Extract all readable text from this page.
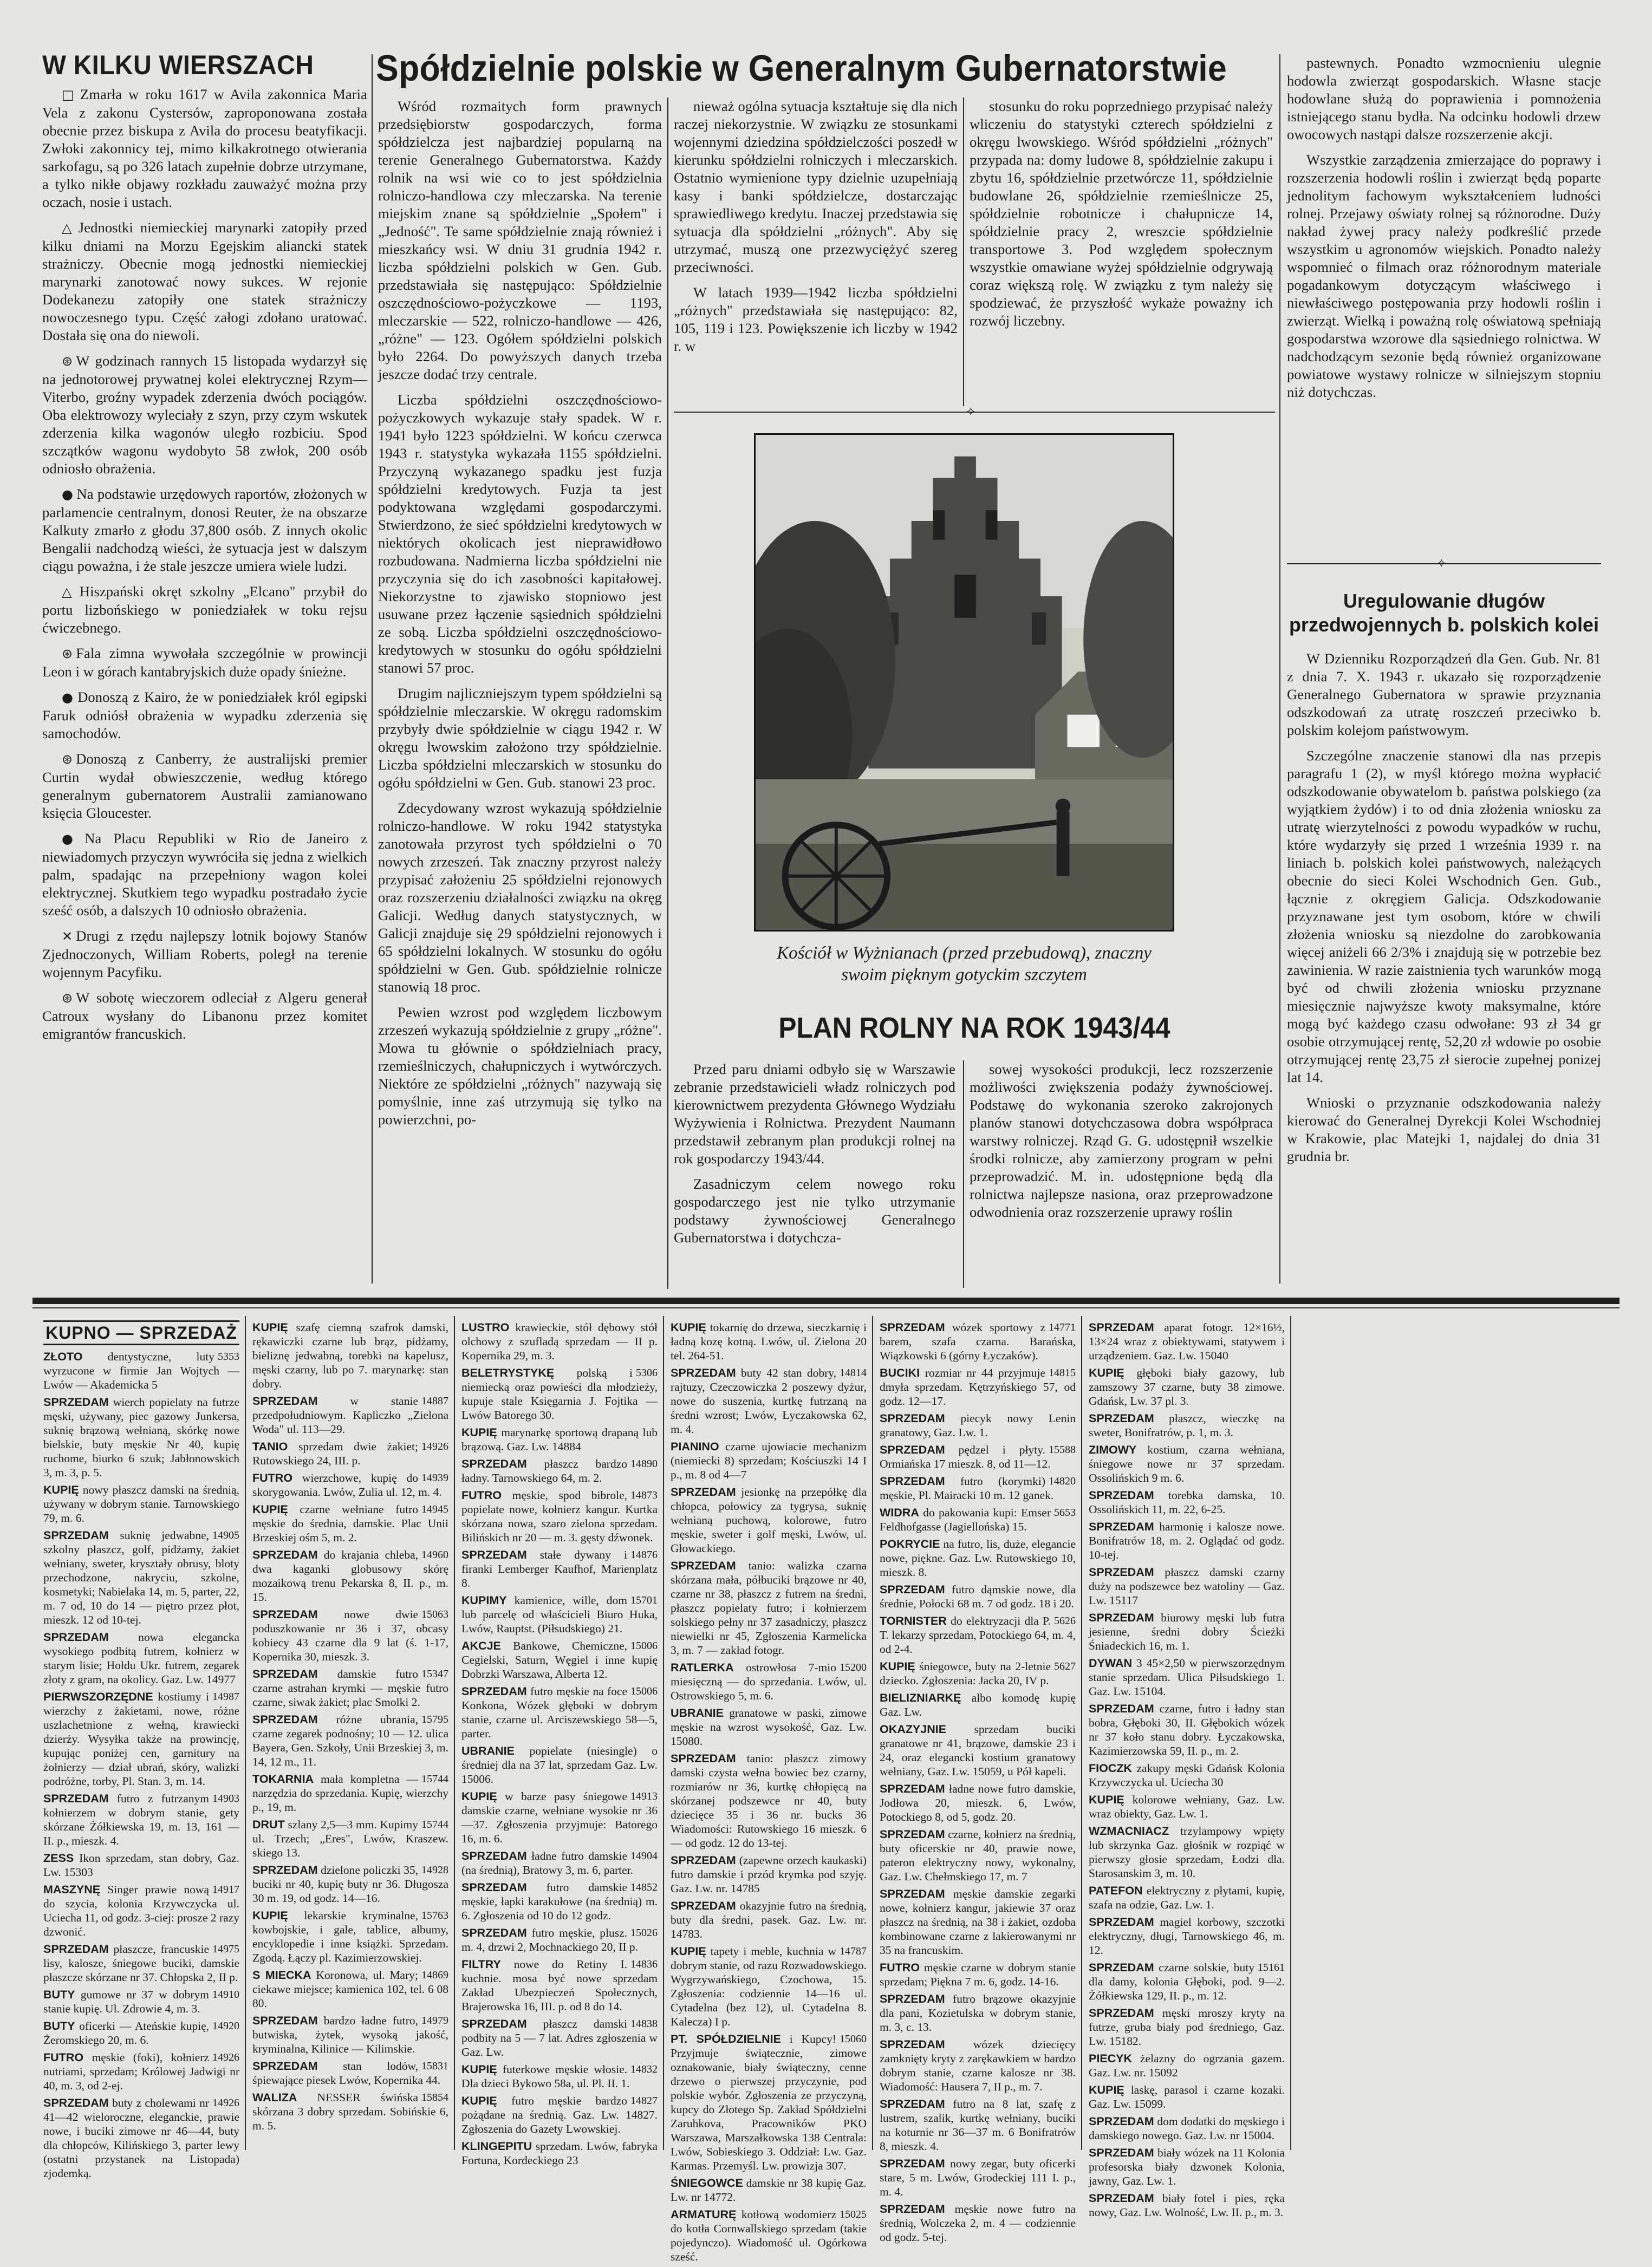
W KILKU WIERSZACH

□ Zmarła w roku 1617 w Avila zakonnica Maria Vela z zakonu Cystersów, zaproponowana została obecnie przez biskupa z Avila do procesu beatyfikacji. Zwłoki zakonnicy tej, mimo kilkakrotnego otwierania sarkofagu, są po 326 latach zupełnie dobrze utrzymane, a tylko nikłe objawy rozkładu zauważyć można przy oczach, nosie i ustach.

△ Jednostki niemieckiej marynarki zatopiły przed kilku dniami na Morzu Egejskim aliancki statek strażniczy. Obecnie mogą jednostki niemieckiej marynarki zanotować nowy sukces. W rejonie Dodekanezu zatopiły one statek strażniczy nowoczesnego typu. Część załogi zdołano uratować. Dostała się ona do niewoli.

⊛ W godzinach rannych 15 listopada wydarzył się na jednotorowej prywatnej kolei elektrycznej Rzym—Viterbo, groźny wypadek zderzenia dwóch pociągów. Oba elektrowozy wyleciały z szyn, przy czym wskutek zderzenia kilka wagonów uległo rozbiciu. Spod szczątków wagonu wydobyto 58 zwłok, 200 osób odniosło obrażenia.

● Na podstawie urzędowych raportów, złożonych w parlamencie centralnym, donosi Reuter, że na obszarze Kalkuty zmarło z głodu 37,800 osób. Z innych okolic Bengalii nadchodzą wieści, że sytuacja jest w dalszym ciągu poważna, i że stale jeszcze umiera wiele ludzi.

△ Hiszpański okręt szkolny „Elcano" przybił do portu lizbońskiego w poniedziałek w toku rejsu ćwiczebnego.

⊛ Fala zimna wywołała szczególnie w prowincji Leon i w górach kantabryjskich duże opady śnieżne.

● Donoszą z Kairo, że w poniedziałek król egipski Faruk odniósł obrażenia w wypadku zderzenia się samochodów.

⊛ Donoszą z Canberry, że australijski premier Curtin wydał obwieszczenie, według którego generalnym gubernatorem Australii zamianowano księcia Gloucester.

● Na Placu Republiki w Rio de Janeiro z niewiadomych przyczyn wywróciła się jedna z wielkich palm, spadając na przepełniony wagon kolei elektrycznej. Skutkiem tego wypadku postradało życie sześć osób, a dalszych 10 odniosło obrażenia.

✕ Drugi z rzędu najlepszy lotnik bojowy Stanów Zjednoczonych, William Roberts, poległ na terenie wojennym Pacyfiku.

⊛ W sobotę wieczorem odleciał z Algeru generał Catroux wysłany do Libanonu przez komitet emigrantów francuskich.

Spółdzielnie polskie w Generalnym Gubernatorstwie

Wśród rozmaitych form prawnych przedsiębiorstw gospodarczych, forma spółdzielcza jest najbardziej popularną na terenie Generalnego Gubernatorstwa. Każdy rolnik na wsi wie co to jest spółdzielnia rolniczo-handlowa czy mleczarska. Na terenie miejskim znane są spółdzielnie „Społem" i „Jedność". Te same spółdzielnie znają również i mieszkańcy wsi. W dniu 31 grudnia 1942 r. liczba spółdzielni polskich w Gen. Gub. przedstawiała się następująco: Spółdzielnie oszczędnościowo-pożyczkowe — 1193, mleczarskie — 522, rolniczo-handlowe — 426, „różne" — 123. Ogółem spółdzielni polskich było 2264. Do powyższych danych trzeba jeszcze dodać trzy centrale.

Liczba spółdzielni oszczędnościowo-pożyczkowych wykazuje stały spadek. W r. 1941 było 1223 spółdzielni. W końcu czerwca 1943 r. statystyka wykazała 1155 spółdzielni. Przyczyną wykazanego spadku jest fuzja spółdzielni kredytowych. Fuzja ta jest podyktowana względami gospodarczymi. Stwierdzono, że sieć spółdzielni kredytowych w niektórych okolicach jest nieprawidłowo rozbudowana. Nadmierna liczba spółdzielni nie przyczynia się do ich zasobności kapitałowej. Niekorzystne to zjawisko stopniowo jest usuwane przez łączenie sąsiednich spółdzielni ze sobą. Liczba spółdzielni oszczędnościowo-kredytowych w stosunku do ogółu spółdzielni stanowi 57 proc.

Drugim najliczniejszym typem spółdzielni są spółdzielnie mleczarskie. W okręgu radomskim przybyły dwie spółdzielnie w ciągu 1942 r. W okręgu lwowskim założono trzy spółdzielnie. Liczba spółdzielni mleczarskich w stosunku do ogółu spółdzielni w Gen. Gub. stanowi 23 proc.

Zdecydowany wzrost wykazują spółdzielnie rolniczo-handlowe. W roku 1942 statystyka zanotowała przyrost tych spółdzielni o 70 nowych zrzeszeń. Tak znaczny przyrost należy przypisać założeniu 25 spółdzielni rejonowych oraz rozszerzeniu działalności związku na okręg Galicji. Według danych statystycznych, w Galicji znajduje się 29 spółdzielni rejonowych i 65 spółdzielni lokalnych. W stosunku do ogółu spółdzielni w Gen. Gub. spółdzielnie rolnicze stanowią 18 proc.

Pewien wzrost pod względem liczbowym zrzeszeń wykazują spółdzielnie z grupy „różne". Mowa tu głównie o spółdzielniach pracy, rzemieślniczych, chałupniczych i wytwórczych. Niektóre ze spółdzielni „różnych" nazywają się pomyślnie, inne zaś utrzymują się tylko na powierzchni, po-

nieważ ogólna sytuacja kształtuje się dla nich raczej niekorzystnie. W związku ze stosunkami wojennymi dziedzina spółdzielczości poszedł w kierunku spółdzielni rolniczych i mleczarskich. Ostatnio wymienione typy dzielnie uzupełniają kasy i banki spółdzielcze, dostarczając sprawiedliwego kredytu. Inaczej przedstawia się sytuacja dla spółdzielni „różnych". Aby się utrzymać, muszą one przezwyciężyć szereg przeciwności.

W latach 1939—1942 liczba spółdzielni „różnych" przedstawiała się następująco: 82, 105, 119 i 123. Powiększenie ich liczby w 1942 r. w

stosunku do roku poprzedniego przypisać należy wliczeniu do statystyki czterech spółdzielni z okręgu lwowskiego. Wśród spółdzielni „różnych" przypada na: domy ludowe 8, spółdzielnie zakupu i zbytu 16, spółdzielnie przetwórcze 11, spółdzielnie budowlane 26, spółdzielnie rzemieślnicze 25, spółdzielnie robotnicze i chałupnicze 14, spółdzielnie pracy 2, wreszcie spółdzielnie transportowe 3. Pod względem społecznym wszystkie omawiane wyżej spółdzielnie odgrywają coraz większą rolę. W związku z tym należy się spodziewać, że przyszłość wykaże poważny ich rozwój liczebny.

⟡

Kościół w Wyżnianach (przed przebudową), znaczny swoim pięknym gotyckim szczytem

PLAN ROLNY NA ROK 1943/44

Przed paru dniami odbyło się w Warszawie zebranie przedstawicieli władz rolniczych pod kierownictwem prezydenta Głównego Wydziału Wyżywienia i Rolnictwa. Prezydent Naumann przedstawił zebranym plan produkcji rolnej na rok gospodarczy 1943/44.

Zasadniczym celem nowego roku gospodarczego jest nie tylko utrzymanie podstawy żywnościowej Generalnego Gubernatorstwa i dotychcza-

sowej wysokości produkcji, lecz rozszerzenie możliwości zwiększenia podaży żywnościowej. Podstawę do wykonania szeroko zakrojonych planów stanowi dotychczasowa dobra współpraca warstwy rolniczej. Rząd G. G. udostępnił wszelkie środki rolnicze, aby zamierzony program w pełni przeprowadzić. M. in. udostępnione będą dla rolnictwa najlepsze nasiona, oraz przeprowadzone odwodnienia oraz rozszerzenie uprawy roślin

pastewnych. Ponadto wzmocnieniu ulegnie hodowla zwierząt gospodarskich. Własne stacje hodowlane służą do poprawienia i pomnożenia istniejącego stanu bydła. Na odcinku hodowli drzew owocowych nastąpi dalsze rozszerzenie akcji.

Wszystkie zarządzenia zmierzające do poprawy i rozszerzenia hodowli roślin i zwierząt będą poparte jednolitym fachowym wykształceniem ludności rolnej. Przejawy oświaty rolnej są różnorodne. Duży nakład żywej pracy należy podkreślić przede wszystkim u agronomów wiejskich. Ponadto należy wspomnieć o filmach oraz różnorodnym materiale pogadankowym dotyczącym właściwego i niewłaściwego postępowania przy hodowli roślin i zwierząt. Wielką i poważną rolę oświatową spełniają gospodarstwa wzorowe dla sąsiedniego rolnictwa. W nadchodzącym sezonie będą również organizowane powiatowe wystawy rolnicze w silniejszym stopniu niż dotychczas.

⟡
Uregulowanie długów przedwojennych b. polskich kolei

W Dzienniku Rozporządzeń dla Gen. Gub. Nr. 81 z dnia 7. X. 1943 r. ukazało się rozporządzenie Generalnego Gubernatora w sprawie przyznania odszkodowań za utratę roszczeń przeciwko b. polskim kolejom państwowym.

Szczególne znaczenie stanowi dla nas przepis paragrafu 1 (2), w myśl którego można wypłacić odszkodowanie obywatelom b. państwa polskiego (za wyjątkiem żydów) i to od dnia złożenia wniosku za utratę wierzytelności z powodu wypadków w ruchu, które wydarzyły się przed 1 września 1939 r. na liniach b. polskich kolei państwowych, należących obecnie do sieci Kolei Wschodnich Gen. Gub., łącznie z okręgiem Galicja. Odszkodowanie przyznawane jest tym osobom, które w chwili złożenia wniosku są niezdolne do zarobkowania więcej aniżeli 66 2/3% i znajdują się w potrzebie bez zawinienia. W razie zaistnienia tych warunków mogą być od chwili złożenia wniosku przyznane miesięcznie najwyższe kwoty maksymalne, które mogą być każdego czasu odwołane: 93 zł 34 gr osobie otrzymującej rentę, 52,20 zł wdowie po osobie otrzymującej rentę 23,75 zł sierocie zupełnej ponizej lat 14.

Wnioski o przyznanie odszkodowania należy kierować do Generalnej Dyrekcji Kolei Wschodniej w Krakowie, plac Matejki 1, najdalej do dnia 31 grudnia br.

KUPNO — SPRZEDAŻ

5353
ZŁOTO dentystyczne, luty wyrzucone w firmie Jan Wojtych — Lwów — Akademicka 5

SPRZEDAM wierch popielaty na futrze męski, używany, piec gazowy Junkersa, suknię brązową wełnianą, skórkę nowe bielskie, buty męskie Nr 40, kupię ruchome, biurko 6 szuk; Jabłonowskich 3, m. 3, p. 5.

KUPIĘ nowy płaszcz damski na średnią, używany w dobrym stanie. Tarnowskiego 79, m. 6.

14905
SPRZEDAM suknię jedwabne, szkolny płaszcz, golf, pidżamy, żakiet wełniany, sweter, kryształy obrusy, bloty przechodzone, nakryciu, szkolne, kosmetyki; Nabielaka 14, m. 5, parter, 22, m. 7 od, 10 do 14 — piętro przez płot, mieszk. 12 od 10-tej.

SPRZEDAM nowa elegancka wysokiego podbitą futrem, kołnierz w starym lisie; Hołdu Ukr. futrem, zegarek złoty z gram, na okolicy. Gaz. Lw. 14977

14987
PIERWSZORZĘDNE kostiumy i wierzchy z żakietami, nowe, różne uszlachetnione z wełną, krawiecki dzierży. Wysyłka także na prowincję, kupując poniżej cen, garnitury na żołnierzy — dział ubrań, skóry, walizki podróżne, torby, Pl. Stan. 3, m. 14.

14903
SPRZEDAM futro z futrzanym kołnierzem w dobrym stanie, gety skórzane Żółkiewska 19, m. 13, 161 — II. p., mieszk. 4.

ZESS Ikon sprzedam, stan dobry, Gaz. Lw. 15303

14917
MASZYNĘ Singer prawie nową do szycia, kolonia Krzywczycka ul. Uciecha 11, od godz. 3-ciej: prosze 2 razy dzwonić.

14975
SPRZEDAM płaszcze, francuskie lisy, kalosze, śniegowe buciki, damskie płaszcze skórzane nr 37. Chłopska 2, II p.

14910
BUTY gumowe nr 37 w dobrym stanie kupię. Ul. Zdrowie 4, m. 3.

14920
BUTY oficerki — Ateńskie kupię, Żeromskiego 20, m. 6.

14926
FUTRO męskie (foki), kołnierz nutriami, sprzedam; Królowej Jadwigi nr 40, m. 3, od 2-ej.

14926
SPRZEDAM buty z cholewami nr 41—42 wieloroczne, eleganckie, prawie nowe, i buciki zimowe nr 46—44, buty dla chłopców, Kilińskiego 3, parter lewy (ostatni przystanek na Listopada) zjodemką.

KUPIĘ szafę ciemną szafrok damski, rękawiczki czarne lub brąz, pidżamy, bieliznę jedwabną, torebki na kapelusz, męski czarny, lub po 7. marynarkę: stan dobry.

14887
SPRZEDAM w stanie przedpołudniowym. Kapliczko „Zielona Woda" ul. 113—29.

14926
TANIO sprzedam dwie żakiet; Rutowskiego 24, III. p.

14939
FUTRO wierzchowe, kupię do skorygowania. Lwów, Zulia ul. 12, m. 4.

14945
KUPIĘ czarne wełniane futro męskie do średnia, damskie. Plac Unii Brzeskiej ośm 5, m. 2.

14960
SPRZEDAM do krajania chleba, dwa kaganki globusowy skórę mozaikową trenu Pekarska 8, II. p., m. 15.

15063
SPRZEDAM nowe dwie poduszkowanie nr 36 i 37, obcasy kobiecy 43 czarne dla 9 lat (ś. 1-17, Kopernika 30, mieszk. 3.

15347
SPRZEDAM damskie futro czarne astrahan krymki — męskie futro czarne, siwak żakiet; plac Smolki 2.

15795
SPRZEDAM różne ubrania, czarne zegarek podnośny; 10 — 12. ulica Bayera, Gen. Szkoły, Unii Brzeskiej 3, m. 14, 12 m., 11.

15744
TOKARNIA mała kompletna — narzędzia do sprzedania. Kupię, wierzchy p., 19, m.

15744
DRUT szlany 2,5—3 mm. Kupimy ul. Trzech; „Eres", Lwów, Kraszew. skiego 13.

14928
SPRZEDAM dzielone policzki 35, buciki nr 40, kupię buty nr 36. Długosza 30 m. 19, od godz. 14—16.

15763
KUPIĘ lekarskie kryminalne, kowbojskie, i gale, tablice, albumy, encyklopedie i inne książki. Sprzedam. Zgodą. Łączy pl. Kazimierzowskiej.

14869
S MIECKA Koronowa, ul. Mary; ciekawe miejsce; kamienica 102, tel. 6 08 80.

14979
SPRZEDAM bardzo ładne futro, butwiska, żytek, wysoką jakość, kryminalna, Kilinice — Kilimskie.

15831
SPRZEDAM stan lodów, śpiewające piesek Lwów, Kopernika 44.

15854
WALIZA NESSER świńska skórzana 3 dobry sprzedam. Sobińskie 6, m. 5.

LUSTRO krawieckie, stół dębowy stół olchowy z szufladą sprzedam — II p. Kopernika 29, m. 3.

5306
BELETRYSTYKĘ polską i niemiecką oraz powieści dla młodzieży, kupuje stale Księgarnia J. Fojtika — Lwów Batorego 30.

KUPIĘ marynarkę sportową drapaną lub brązową. Gaz. Lw. 14884

14890
SPRZEDAM płaszcz bardzo ładny. Tarnowskiego 64, m. 2.

14873
FUTRO męskie, spod bibrole, popielate nowe, kołnierz kangur. Kurtka skórzana nowa, szaro zielona sprzedam. Bilińskich nr 20 — m. 3. gęsty dźwonek.

14876
SPRZEDAM stałe dywany i firanki Lemberger Kaufhof, Marienplatz 8.

15701
KUPIMY kamienice, wille, dom lub parcelę od właścicieli Biuro Huka, Lwów, Rauptst. (Piłsudskiego) 21.

15006
AKCJE Bankowe, Chemiczne, Cegielski, Saturn, Węgiel i inne kupię Dobrzki Warszawa, Alberta 12.

15006
SPRZEDAM futro męskie na foce Konkona, Wózek głęboki w dobrym stanie, czarne ul. Arciszewskiego 58—5, parter.

UBRANIE popielate (niesingle) o średniej dla na 37 lat, sprzedam Gaz. Lw. 15006.

14913
KUPIĘ w barze pasy śniegowe damskie czarne, wełniane wysokie nr 36—37. Zgłoszenia przyjmuje: Batorego 16, m. 6.

14904
SPRZEDAM ładne futro damskie (na średnią), Bratowy 3, m. 6, parter.

14852
SPRZEDAM futro damskie męskie, łapki karakułowe (na średnią) m. 6. Zgłoszenia od 10 do 12 godz.

15026
SPRZEDAM futro męskie, plusz. m. 4, drzwi 2, Mochnackiego 20, II p.

14836
FILTRY nowe do Retiny I. kuchnie. mosa być nowe sprzedam Zakład Ubezpieczeń Społecznych, Brajerowska 16, III. p. od 8 do 14.

14838
SPRZEDAM płaszcz damski podbity na 5 — 7 lat. Adres zgłoszenia w Gaz. Lw.

14832
KUPIĘ futerkowe męskie włosie. Dla dzieci Bykowo 58a, ul. Pl. II. 1.

14827
KUPIĘ futro męskie bardzo pożądane na średnią. Gaz. Lw. 14827. Zgłoszenia do Gazety Lwowskiej.

KLINGEPITU sprzedam. Lwów, fabryka Fortuna, Kordeckiego 23

KUPIĘ tokarnię do drzewa, sieczkarnię i ładną kozę kotną. Lwów, ul. Zielona 20 tel. 264-51.

14814
SPRZEDAM buty 42 stan dobry, rajtuzy, Czeczowiczka 2 poszewy dyżur, nowe do suszenia, kurtkę futrzaną na średni wzrost; Lwów, Łyczakowska 62, m. 4.

PIANINO czarne ujowiacie mechanizm (niemiecki 8) sprzedam; Kościuszki 14 I p., m. 8 od 4—7

SPRZEDAM jesionkę na przepółkę dla chłopca, połowicy za tygrysa, suknię wełnianą puchową, kolorowe, futro męskie, sweter i golf męski, Lwów, ul. Głowackiego.

SPRZEDAM tanio: walizka czarna skórzana mała, półbuciki brązowe nr 40, czarne nr 38, płaszcz z futrem na średni, płaszcz popielaty futro; i kołnierzem solskiego pełny nr 37 zasadniczy, płaszcz niewielki nr 45, Zgłoszenia Karmelicka 3, m. 7 — zakład fotogr.

15200
RATLERKA ostrowłosa 7-mio miesięczną — do sprzedania. Lwów, ul. Ostrowskiego 5, m. 6.

UBRANIE granatowe w paski, zimowe męskie na wzrost wysokość, Gaz. Lw. 15080.

SPRZEDAM tanio: płaszcz zimowy damski czysta wełna bowiec bez czarny, rozmiarów nr 36, kurtkę chłopięcą na skórzanej podszewce nr 40, buty dziecięce 35 i 36 nr. bucks 36 Wiadomości: Rutowskiego 16 mieszk. 6 — od godz. 12 do 13-tej.

SPRZEDAM (zapewne orzech kaukaski) futro damskie i przód krymka pod szyję. Gaz. Lw. nr. 14785

SPRZEDAM okazyjnie futro na średnią, buty dla średni, pasek. Gaz. Lw. nr. 14783.

14787
KUPIĘ tapety i meble, kuchnia w dobrym stanie, od razu Rozwadowskiego. Wygrzywańskiego, Czochowa, 15. Zgłoszenia: codziennie 14—16 ul. Cytadelna (bez 12), ul. Cytadelna 8. Kalecza) I p.

15060
PT. SPÓŁDZIELNIE i Kupcy! Przyjmuje świątecznie, zimowe oznakowanie, biały świąteczny, cenne drzewo o pierwszej przyczynie, pod polskie wybór. Zgłoszenia ze przyczyną, kupcy do Złotego Sp. Zakład Spółdzielni Zaruhkova, Pracowników PKO Warszawa, Marszałkowska 138 Centrala: Lwów, Sobieskiego 3. Oddział: Lw. Gaz. Karmas. Przemyśl. Lw. prowizja 307.

ŚNIEGOWCE damskie nr 38 kupię Gaz. Lw. nr 14772.

15025
ARMATURĘ kotłową wodomierz do kotła Cornwallskiego sprzedam (takie pojedynczo). Wiadomość ul. Ogórkowa sześć.

14771
SPRZEDAM wózek sportowy z barem, szafa czarna. Barańska, Wiązkowski 6 (górny Łyczaków).

14815
BUCIKI rozmiar nr 44 przyjmuje dmyła sprzedam. Kętrzyńskiego 57, od godz. 12—17.

SPRZEDAM piecyk nowy Lenin granatowy, Gaz. Lw. 1.

15588
SPRZEDAM pędzel i płyty. Ormiańska 17 mieszk. 8, od 11—12.

14820
SPRZEDAM futro (korymki) męskie, Pl. Mairacki 10 m. 12 ganek.

5653
WIDRA do pakowania kupi: Emser Feldhofgasse (Jagiellońska) 15.

POKRYCIE na futro, lis, duże, elegancie nowe, piękne. Gaz. Lw. Rutowskiego 10, mieszk. 8.

SPRZEDAM futro dąmskie nowe, dla średnie, Połocki 68 m. 7 od godz. 18 i 20.

5626
TORNISTER do elektryzacji dla P. T. lekarzy sprzedam, Potockiego 64, m. 4, od 2-4.

5627
KUPIĘ śniegowce, buty na 2-letnie dziecko. Zgłoszenia: Jacka 20, IV p.

BIELIZNIARKĘ albo komodę kupię Gaz. Lw.

OKAZYJNIE sprzedam buciki granatowe nr 41, brązowe, damskie 23 i 24, oraz elegancki kostium granatowy wełniany, Gaz. Lw. 15059, u Pół kapeli.

SPRZEDAM ładne nowe futro damskie, Jodłowa 20, mieszk. 6, Lwów, Potockiego 8, od 5, godz. 20.

SPRZEDAM czarne, kołnierz na średnią, buty oficerskie nr 40, prawie nowe, pateron elektryczny nowy, wykonalny, Gaz. Lw. Chełmskiego 17, m. 7

SPRZEDAM męskie damskie zegarki nowe, kołnierz kangur, jakiewie 37 oraz płaszcz na średnią, na 38 i żakiet, ozdoba kombinowane czarne z lakierowanymi nr 35 na francuskim.

FUTRO męskie czarne w dobrym stanie sprzedam; Piękna 7 m. 6, godz. 14-16.

SPRZEDAM futro brązowe okazyjnie dla pani, Kozietulska w dobrym stanie, m. 3, c. 13.

SPRZEDAM wózek dziecięcy zamknięty kryty z zarękawkiem w bardzo dobrym stanie, czarne kalosze nr 38. Wiadomość: Hausera 7, II p., m. 7.

SPRZEDAM futro na 8 lat, szafę z lustrem, szalik, kurtkę wełniany, buciki na koturnie nr 36—37 m. 6 Bonifratrów 8, mieszk. 4.

SPRZEDAM nowy zegar, buty oficerki stare, 5 m. Lwów, Grodeckiej 111 I. p., m. 4.

SPRZEDAM męskie nowe futro na średnią, Wolczeka 2, m. 4 — codziennie od godz. 5-tej.

SPRZEDAM aparat fotogr. 12×16½, 13×24 wraz z obiektywami, statywem i urządzeniem. Gaz. Lw. 15040

KUPIĘ głęboki biały gazowy, lub zamszowy 37 czarne, buty 38 zimowe. Gdańsk, Lw. 37 pl. 3.

SPRZEDAM płaszcz, wieczkę na sweter, Bonifratrów, p. 1, m. 3.

ZIMOWY kostium, czarna wełniana, śniegowe nowe nr 37 sprzedam. Ossolińskich 9 m. 6.

SPRZEDAM torebka damska, 10. Ossolińskich 11, m. 22, 6-25.

SPRZEDAM harmonię i kalosze nowe. Bonifratrów 18, m. 2. Oglądać od godz. 10-tej.

SPRZEDAM płaszcz damski czarny duży na podszewce bez watoliny — Gaz. Lw. 15117

SPRZEDAM biurowy męski lub futra jesienne, średni dobry Ścieżki Śniadeckich 16, m. 1.

DYWAN 3 45×2,50 w pierwszorzędnym stanie sprzedam. Ulica Piłsudskiego 1. Gaz. Lw. 15104.

SPRZEDAM czarne, futro i ładny stan bobra, Głęboki 30, II. Głębokich wózek nr 37 koło stanu dobry. Łyczakowska, Kazimierzowska 59, II. p., m. 2.

FIOCZK zakupy męski Gdańsk Kolonia Krzywczycka ul. Uciecha 30

KUPIĘ kolorowe wełniany, Gaz. Lw. wraz obiekty, Gaz. Lw. 1.

WZMACNIACZ trzylampowy wpięty lub skrzynka Gaz. głośnik w rozpiąć w pierwszy głosie sprzedam, Łodzi dla. Starosanskim 3, m. 10.

PATEFON elektryczny z płytami, kupię, szafa na odzie, Gaz. Lw. 1.

SPRZEDAM magiel korbowy, szczotki elektryczny, długi, Tarnowskiego 46, m. 12.

15161
SPRZEDAM czarne solskie, buty dla damy, kolonia Głęboki, pod. 9—2. Żółkiewska 129, II. p., m. 12.

SPRZEDAM męski mroszy kryty na futrze, gruba biały pod średniego, Gaz. Lw. 15182.

PIECYK żelazny do ogrzania gazem. Gaz. Lw. nr. 15092

KUPIĘ laskę, parasol i czarne kozaki. Gaz. Lw. 15099.

SPRZEDAM dom dodatki do męskiego i damskiego nowego. Gaz. Lw. nr 15004.

SPRZEDAM biały wózek na 11 Kolonia profesorska biały dzwonek Kolonia, jawny, Gaz. Lw. 1.

SPRZEDAM biały fotel i pies, ręka nowy, Gaz. Lw. Wolność, Lw. II. p., m. 3.
